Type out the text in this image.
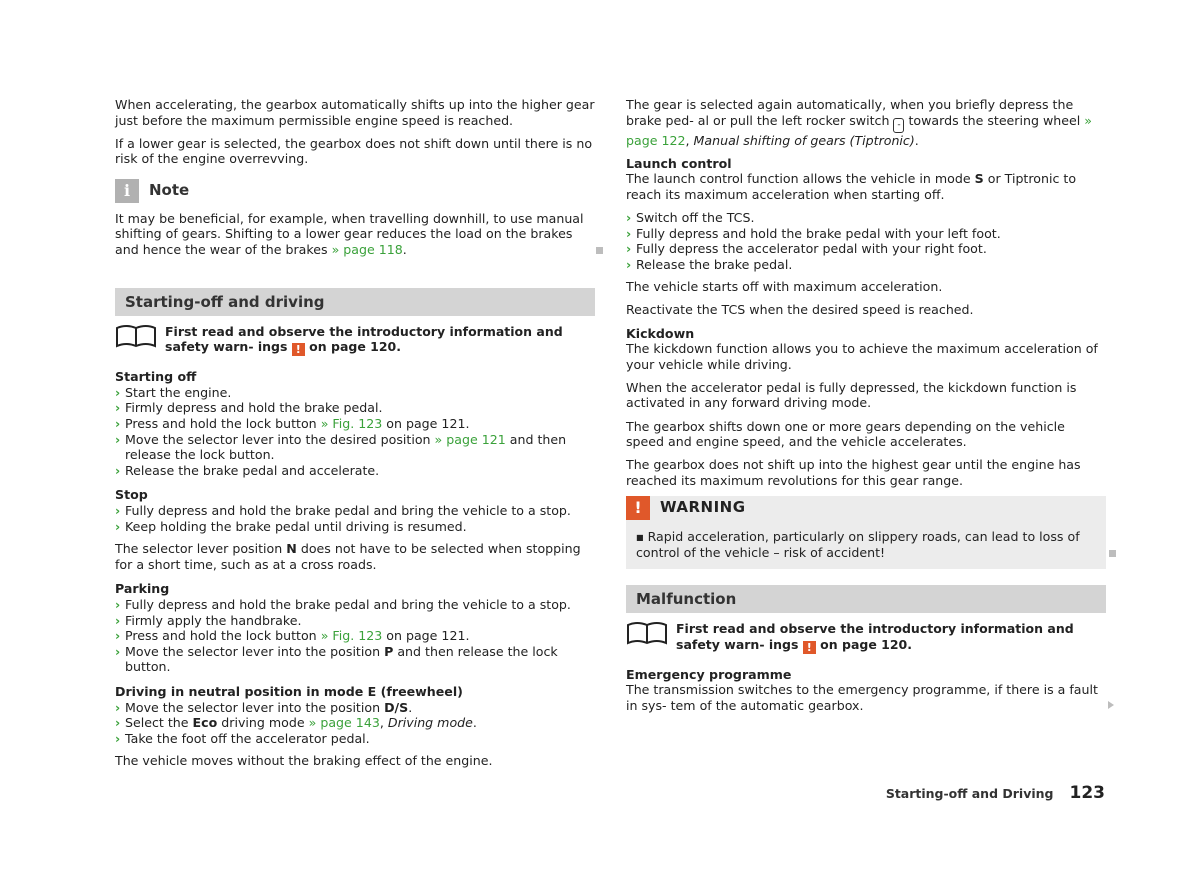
When accelerating, the gearbox automatically shifts up into the higher gear just before the maximum permissible engine speed is reached.

If a lower gear is selected, the gearbox does not shift down until there is no risk of the engine overrevving.

i	Note

It may be beneficial, for example, when travelling downhill, to use manual shifting of gears. Shifting to a lower gear reduces the load on the brakes and hence the wear of the brakes » page 118.

Starting-off and driving
First read and observe the introductory information and safety warn- ings ! on page 120.
Starting off
› Start the engine.
› Firmly depress and hold the brake pedal.
› Press and hold the lock button » Fig. 123 on page 121.
› Move the selector lever into the desired position » page 121 and then release the lock button.
› Release the brake pedal and accelerate.
Stop
› Fully depress and hold the brake pedal and bring the vehicle to a stop.
› Keep holding the brake pedal until driving is resumed.

The selector lever position N does not have to be selected when stopping for a short time, such as at a cross roads.

Parking
› Fully depress and hold the brake pedal and bring the vehicle to a stop.
› Firmly apply the handbrake.
› Press and hold the lock button » Fig. 123 on page 121.
› Move the selector lever into the position P and then release the lock button.
Driving in neutral position in mode E (freewheel)
› Move the selector lever into the position D/S.
› Select the Eco driving mode » page 143, Driving mode.
› Take the foot off the accelerator pedal.

The vehicle moves without the braking effect of the engine.

The gear is selected again automatically, when you briefly depress the brake ped- al or pull the left rocker switch - towards the steering wheel » page 122, Manual shifting of gears (Tiptronic).

Launch control

The launch control function allows the vehicle in mode S or Tiptronic to reach its maximum acceleration when starting off.

› Switch off the TCS.
› Fully depress and hold the brake pedal with your left foot.
› Fully depress the accelerator pedal with your right foot.
› Release the brake pedal.

The vehicle starts off with maximum acceleration.

Reactivate the TCS when the desired speed is reached.

Kickdown

The kickdown function allows you to achieve the maximum acceleration of your vehicle while driving.

When the accelerator pedal is fully depressed, the kickdown function is activated in any forward driving mode.

The gearbox shifts down one or more gears depending on the vehicle speed and engine speed, and the vehicle accelerates.

The gearbox does not shift up into the highest gear until the engine has reached its maximum revolutions for this gear range.

!	WARNING
■ Rapid acceleration, particularly on slippery roads, can lead to loss of control of the vehicle – risk of accident!
Malfunction
First read and observe the introductory information and safety warn- ings ! on page 120.
Emergency programme

The transmission switches to the emergency programme, if there is a fault in sys- tem of the automatic gearbox.

Starting-off and Driving 123
